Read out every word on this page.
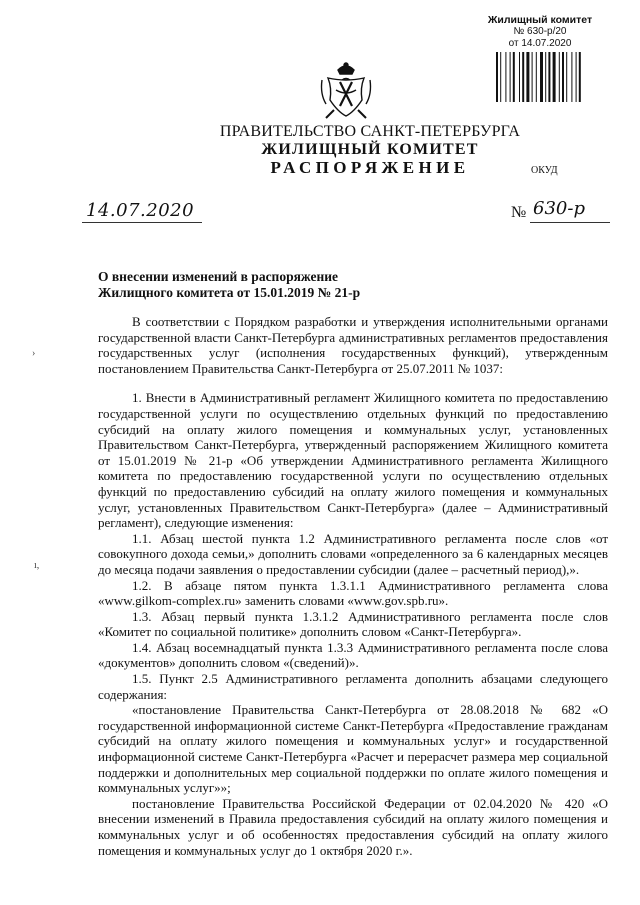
Жилищный комитет
№ 630-р/20
от 14.07.2020
ПРАВИТЕЛЬСТВО САНКТ-ПЕТЕРБУРГА
ЖИЛИЩНЫЙ КОМИТЕТ
РАСПОРЯЖЕНИЕ	ОКУД
14.07.2020	№ 630-р
О внесении изменений в распоряжение
Жилищного комитета от 15.01.2019 № 21-р
›
ı,

В соответствии с Порядком разработки и утверждения исполнительными органами государственной власти Санкт-Петербурга административных регламентов предоставления государственных услуг (исполнения государственных функций), утвержденным постановлением Правительства Санкт-Петербурга от 25.07.2011 № 1037:

1. Внести в Административный регламент Жилищного комитета по предоставлению государственной услуги по осуществлению отдельных функций по предоставлению субсидий на оплату жилого помещения и коммунальных услуг, установленных Правительством Санкт-Петербурга, утвержденный распоряжением Жилищного комитета от 15.01.2019 № 21-р «Об утверждении Административного регламента Жилищного комитета по предоставлению государственной услуги по осуществлению отдельных функций по предоставлению субсидий на оплату жилого помещения и коммунальных услуг, установленных Правительством Санкт-Петербурга» (далее – Административный регламент), следующие изменения:

1.1. Абзац шестой пункта 1.2 Административного регламента после слов «от совокупного дохода семьи,» дополнить словами «определенного за 6 календарных месяцев до месяца подачи заявления о предоставлении субсидии (далее – расчетный период),».

1.2. В абзаце пятом пункта 1.3.1.1 Административного регламента слова «www.gilkom-complex.ru» заменить словами «www.gov.spb.ru».

1.3. Абзац первый пункта 1.3.1.2 Административного регламента после слов «Комитет по социальной политике» дополнить словом «Санкт-Петербурга».

1.4. Абзац восемнадцатый пункта 1.3.3 Административного регламента после слова «документов» дополнить словом «(сведений)».

1.5. Пункт 2.5 Административного регламента дополнить абзацами следующего содержания:

«постановление Правительства Санкт-Петербурга от 28.08.2018 № 682 «О государственной информационной системе Санкт-Петербурга «Предоставление гражданам субсидий на оплату жилого помещения и коммунальных услуг» и государственной информационной системе Санкт-Петербурга «Расчет и перерасчет размера мер социальной поддержки и дополнительных мер социальной поддержки по оплате жилого помещения и коммунальных услуг»»;

постановление Правительства Российской Федерации от 02.04.2020 № 420 «О внесении изменений в Правила предоставления субсидий на оплату жилого помещения и коммунальных услуг и об особенностях предоставления субсидий на оплату жилого помещения и коммунальных услуг до 1 октября 2020 г.».
